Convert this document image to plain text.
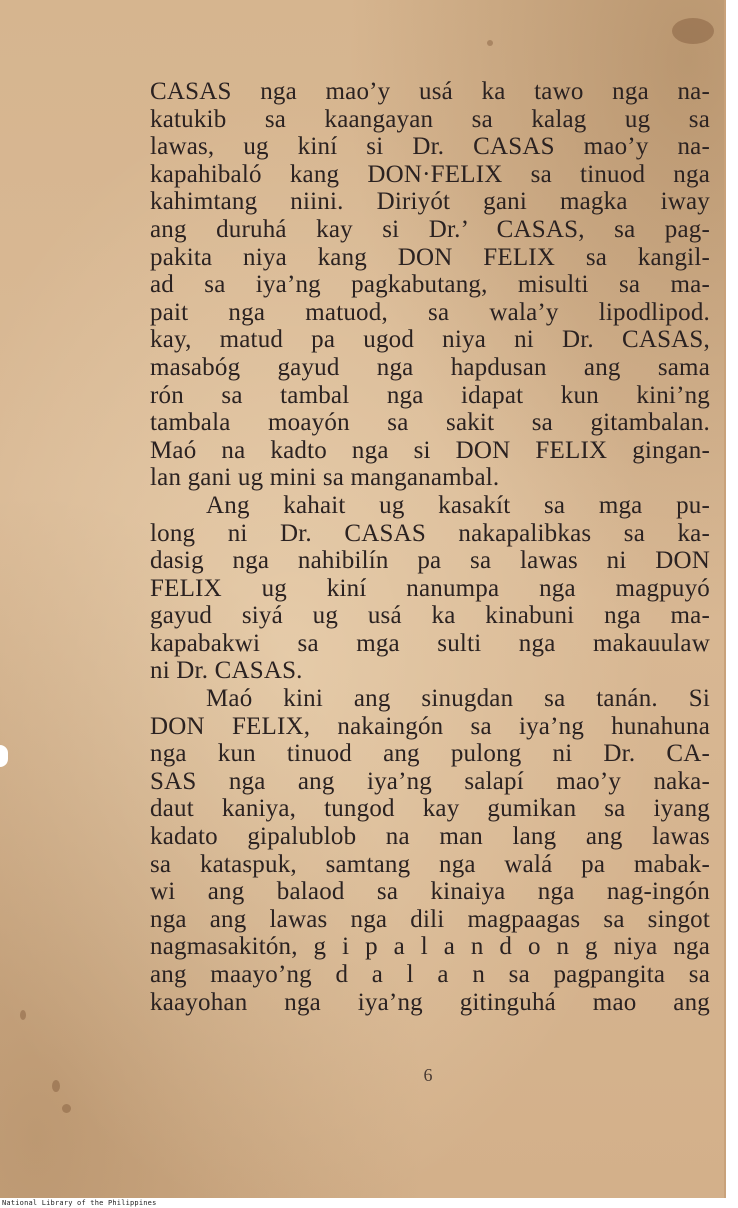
CASAS nga mao’y usá ka tawo nga na-
katukib sa kaangayan sa kalag ug sa
lawas, ug kiní si Dr. CASAS mao’y na-
kapahibaló kang DON·FELIX sa tinuod nga
kahimtang niini. Diriyót gani magka iway
ang duruhá kay si Dr.’ CASAS, sa pag-
pakita niya kang DON FELIX sa kangil-
ad sa iya’ng pagkabutang, misulti sa ma-
pait nga matuod, sa wala’y lipodlipod.
kay, matud pa ugod niya ni Dr. CASAS,
masabóg gayud nga hapdusan ang sama
rón sa tambal nga idapat kun kini’ng
tambala moayón sa sakit sa gitambalan.
Maó na kadto nga si DON FELIX gingan-
lan gani ug mini sa manganambal.
Ang kahait ug kasakít sa mga pu-
long ni Dr. CASAS nakapalibkas sa ka-
dasig nga nahibilín pa sa lawas ni DON
FELIX ug kiní nanumpa nga magpuyó
gayud siyá ug usá ka kinabuni nga ma-
kapabakwi sa mga sulti nga makauulaw
ni Dr. CASAS.
Maó kini ang sinugdan sa tanán. Si
DON FELIX, nakaingón sa iya’ng hunahuna
nga kun tinuod ang pulong ni Dr. CA-
SAS nga ang iya’ng salapí mao’y naka-
daut kaniya, tungod kay gumikan sa iyang
kadato gipalublob na man lang ang lawas
sa kataspuk, samtang nga walá pa mabak-
wi ang balaod sa kinaiya nga nag-ingón
nga ang lawas nga dili magpaagas sa singot
nagmasakitón, g i p a l a n d o n g niya nga
ang maayo’ng d a l a n sa pagpangita sa
kaayohan nga iya’ng gitinguhá mao ang
6
National Library of the Philippines
